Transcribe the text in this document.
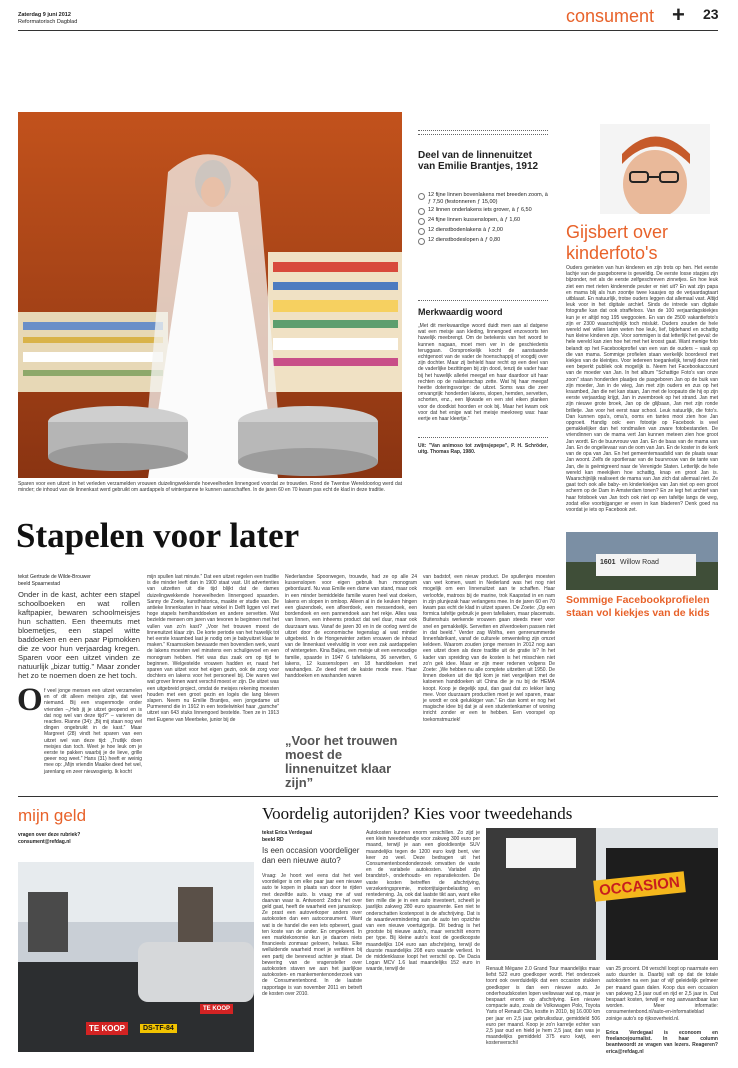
Zaterdag 9 juni 2012
Reformatorisch Dagblad	consument + 23
Sparen voor een uitzet: in het verleden verzamelden vrouwen duizelingwekkende hoeveelheden linnengoed voordat ze trouwden. Rond de Twentse Wereldoorlog werd dat minder; de inhoud van de linnenkast werd gebruikt om aardappels of winterpanne te kunnen aanschaffen. In de jaren 60 en 70 kwam pas echt de klad in deze traditie.
Deel van de linnenuitzet van Emilie Brantjes, 1912
12 fijne linnen bovenlakens met breeden zoom, à ƒ 7,50 (festonneren ƒ 15,00)
12 linnen onderlakens iets grover, à ƒ 6,50
24 fijne linnen kussenslopen, à ƒ 1,60
12 dienstbodenlakens à ƒ 2,00
12 dienstbodeslopen à ƒ 0,80
Merkwaardig woord
„Met dit merkwaardige woord duidt men aan al datgene wat een meisje aan kleding, linnengoed enzovoorts ten huwelijk meebrengt. Om de betekenis van het woord te kunnen nagaan, moet men ver in de geschiedenis teruggaan. Oorspronkelijk kocht de aanstaande echtgenoot van de vader de hoenschappij of voogdij over zijn dochter. Maar zij behield haar recht op een deel van de vaderlijke bezittingen bij zijn dood, tenzij de vader haar bij het huwelijk allerlei meegaf en haar daardoor uit haar rechten op de nalatenschap zette. Wat hij haar meegaf heette doteringsvorige: de uitzet. Soms was die zeer omvangrijk: honderden lakens, slopen, hemden, servetten, schorten, enz., een lijkwade en een stel eiken planken voor de doodkist hoorden er ook bij. Maar het kwam ook voor dat het enige wat het meisje meekreeg was: haar eertje en haar kleertje.”
Uit: "Van animoso tot zwijnsjepepe", P. H. Schröder, uitg. Thomas Rap, 1980.
Gijsbert over kinderfoto's
Ouders genieten van hun kinderen en zijn trots op hen. Het eerste lachje van de pasgeborene is geweldig. De eerste losse stapjes zijn bijzonder, net als de eerste zelfgeschreven zinnetjes. En hoe leuk ziet een met rieten kinderende peuter er niet uit? En wat zijn papa en mama blij als hun zoontje twee kaasjes op de verjaardagtaart uitblaast. En natuurlijk, trotse ouders leggen dat allemaal vast. Altijd leuk voor in het digitale archief. Sinds de intrede van digitale fotografie kan dat ook straffeloos. Van de 100 verjaardagskiekjes kun je er altijd nog 195 weggooien. En van de 2500 vakantiefoto's zijn er 2300 waarschijnlijk toch mislukt. Ouders zouden de hele wereld wel willen laten weten hoe leuk, lief, bijdehand en schattig hun kleine kinderen zijn. Voor sommigen is dat letterlijk het geval: de hele wereld kan zien hoe het met het kroost gaat. Want menige foto belandt op het Facebookprofiel van een van de ouders – vaak op die van mama. Sommige profielen staan werkelijk boordevol met kiekjes van de kleintjes. Voor iedereen toegankelijk, terwijl deze niet een beperkt publiek ook mogelijk is. Neem het Facebookaccount van de moeder van Jan. In het album "Schattige Foto's van onze zoon" staan honderden plaatjes de pasgeboren Jan op de buik van zijn moeder, Jan in de wieg, Jan met zijn ouders en zus op het kraambed, Jan die net kan staan, Jan met de loopauto die hij op zijn eerste verjaardag krijgt, Jan in zwembroek op het strand. Jan met zijn nieuwe grote broek, Jan op de glijbaan, Jan met zijn ronde brilletje. Jan voor het eerst naar school. Leuk natuurlijk, die foto's. Dan kunnen opa's, oma's, ooms en tantes mooi zien hoe Jan opgroeit. Handig ook: een fotootje op Facebook is veel gemakkelijker dan het rondmailen van zware fotobestanden. De vriendinnen van de mama vert Jan kunnen meteen zien hoe groot Jan wordt. En de buurvrouw van Jan. En de baas van de mama van Jan. En de ongelievaar van de oom van Jan. En de koster in de kerk van de opa van Jan. En het gemeentemaadslid van de plaats waar Jan woont. Zelfs de sportleraar van de buurvrouw van de tante van Jan, die is geëmigreerd naar de Verenigde Staten. Letterlijk de hele wereld kan meekijken hoe schattig, knap en groot Jan is. Waarschijnlijk realiseert de mama van Jan zich dat allemaal niet. Ze gaat toch ook alle baby- en kinderkiekjes van Jan niet op een groot scherm op de Dam in Amsterdam tonen? En ze legt het archief van haar fotoboek van Jan toch ook niet op een tafeltje langs de weg, zodat elke voorbijganger er even in kan bladeren? Denk goed na voordat je iets op Facebook zet.
1601 Willow Road
Sommige Facebookprofielen staan vol kiekjes van de kids
Stapelen voor later
tekst Gertrude de Wilde-Brouwer
beeld Spaarnestad
Onder in de kast, achter een stapel schoolboeken en wat rollen kaftpapier, bewaren schoolmeisjes hun schatten. Een theemuts met bloemetjes, een stapel witte baddoeken en een paar Pipmokken die ze voor hun verjaardag kregen. Sparen voor een uitzet vinden ze natuurlijk „bizar tuttig.” Maar zonder het zo te noemen doen ze het toch.
O f veel jonge mensen een uitzet verzamelen en of dit alleen meisjes zijn, dat weet niemand. Bij een vragenmodje onder vrienden –„Heb jij je uitzet geopend en is dat nog wel van deze tijd?” – varieren de reacties. Rianne (34): „Bij mij staan nog wel dingen ongebruikt in de kast.” Maar Margreet (28) vindt het sparen van een uitzet wel van deze tijd: „Trutlijk doen meisjes dan toch. Weet je hoe leuk om je eerste te pakken waarbij je de lieve, grille geeer nog weet.” Hans (31) heeft er weinig mee op: „Mijn vriendin Maaike deed het wel, jarenlang en zeer nieuwsgierig. Ik kocht
mijn spullen last minute.” Dat een uitzet regelen een traditie is die minder leeft dan in 1900 staat vast. Uit advertenties van uitzetten uit die tijd blijkt dat de dames duizelingwekkende hoeveelheden linnengoed spaarden. Sanny de Zoete, kunsthistorica, maakte er studie van. De antieke linnenkasten in haar winkel in Delft liggen vol met hoge stapels hemlhanddoeken en andere servetten. Wat bezielde mensen om jaren van tevoren te beginnen met het vullen van zo'n kast? „Voor het trouwen moest de linnenuitzet klaar zijn. De korte periode van het huwelijk tot het eerste kraambed laat je nodig om je babyuitzet klaar te maken.” Kraamsoken bewaarde men bovendien werk, want de lakens moesten wel minstens een schuilgevoel en een monogram hebben. Het was dus zaak om op tijd te beginnen. Welgestelde vrouwen hadden er, naast het sparen van uitzet voor het eigen gezin, ook de zorg voor dochters en lakens voor het personeel bij. Die waren wel wat grover linnen want verschil moest er zijn. De uitzet was een uitgebreid project, omdat de meisjes rekening moesten houden met een groot gezin en logés die lang bleven slapen. Neem nu Emilie Brantjes, een jongedame uit Purmerend die in 1912 in een textielwinkel haar „garnche” uitzet van 643 stuks linnengoed bestelde. Toen ze in 1913 met Eugene van Meerbeke, junior bij de
Nederlandse Spoorwegen, trouwde, had ze op alle 24 kussenslopen voor eigen gebruik hun monogram geborduurd. Nu was Emilie een dame van stand, maar ook in een minder bemiddelde familie waren heel wat doeken, lakens en slopen in omloop. Alleen al in de keuken hingen een glazendoek, een afloerdoek, een messendoek, een bordendoek en een pannendoek aan het rekje. Alles was van linnen, een inheems product dat wel duur, maar ook duurzaam was. Vanaf de jaren 30 en in de oorlog werd de uitzet door de economische tegenslag al wat minder uitgebreid. In de Hongerwinter zetten vrouwen de inhoud van de linnenkast veelvuldig in voor een zak aardappelen of wintergeten. Kina Baljeu, een meisje uit een eenvoudige familie, spaarde in 1947 6 tafellakens, 36 servetten, 6 lakens, 12 kussenslopen en 18 handdoeken met washandjes. Ze deed met de kaiste mode mee. Haar handdoeken en washanden waren
„Voor het trouwen moest de linnenuitzet klaar zijn”
van badstof, een nieuw product. De spullenjes moesten van wet komen, want in Nederland was het nog niet mogelijk om een linnenuitzet aan te schaffen. Haar verloofde, matroos bij de marine, trok Kaapstad in en nam in zijn plunjezak haar verlangens mee. In de jaren 60 en 70 kwam pas echt de klad in uitzet sparen. De Zoete: „Op een formica tafeltje gebruik je geen tafellaken, maar placemats. Buitenshuis werkende vrouwen gaan steeds meer voor snel en gemakkelijk. Servetten en zilverdoeken passen niet in dat beeld.” Verder zag Wolfra, een genrenummerde linnenfabrikant, vanaf de culturele omwenteling zijn omzet keldeen. Waarom zouden jonge mensen in 2012 nog aan een uitzet doen als deze traditie uit de gratie is? In het kader van spreiding van de kosten is het misschien niet zo'n gek idee. Maar er zijn meer redenen volgens De Zoete: „We hebben nu alle complete uitzetten uit 1950. De linnen doeken uit die tijd kom je niet vergelijken met de katoenen handdoeken uit China die je nu bij de HEMA koopt. Koop je degelijk spul, dan gaat dat zo lekker lang mee. Voor duurzaam productien moet je wel sparen, maar je wordt er ook gelukkiger van.” En dan komt er nog het magische idee bij dat je al een studentenkamer of woning inricht zonder er een te hebben. Een voorspel op toekomstmuziek!
mijn geld
vragen over deze rubriek?
consument@refdag.nl
TE KOOP
TE KOOP
DS-TF-84
Voordelig autorijden? Kies voor tweedehands
tekst Erica Verdegaal
beeld RD
Is een occasion voordeliger dan een nieuwe auto?
Vraag: Je hoort wel eens dat het wel voordeliger is om elke paar jaar een nieuwe auto te kopen in plaats van door te rijden met dezelfde auto. Is vraag me af wat daarvan waar is. Antwoord: Zodra het over geld gaat, heeft de waarheid een janusskop. Ze prast een autoverkoper anders over autokosten dan een autoconsument. Want wat is de handel die een iets opbevert, gaat ten koste van de ander. En omgekeerd. In een marktekonomie kun je daarom niets financieels zonmaar geloven, helaas. Elke welluidende waarheid moet je verifiëren bij een partij die bevreesd achter je staat. De bewering van de vragensteller over autokosten staven we aan het jaarlijkse autokosten- en mankementenonderzoek van de Consumentenbond. In de laatste rapportage is van november 2011 en betreft de kosten over 2010.
Autokosten kunnen enorm verschillen. Zo zijd je een klein tweedehandje voor zakweg 300 euro per maand, terwijl je aan een glooldiesntje SUV maandelijks tegen de 1200 euro kwijt bent, vier keer zo veel. Deze bedragen uit het Consumentenbondonderzoek omvatten de vaste en de variabele autokosten. Variabel zijn brandstof-, onderhouds- en reparatiekosten. De vaste kosten betreffen de afschrijving, verzekeringspremie, motorrijtuigenbelasting en rentederving. Ja, ook dat laatste tikt aan, want elke tien mille die je in een auto investeert, scheelt je jaarlijks zakweg 280 euro spaarrente. Een niet te onderschatten kostenpost is de afschrijving. Dat is de waardevermindering van de auto ten opzichte van een nieuwe voertuigprijs. Dit bedrag is het grootste bij nieuwe auto's, maar verschilt enorm per type. Bij kleine auto's kost de goedkoopste maandelijks 104 euro aan afschrijving, terwijl de duurste maandelijks 208 euro waarde verliest. In de middenklasse loopt het verschil op. De Dacia Logan MCV 1.6 laat maandelijks 152 euro in waarde, terwijl de
OCCASION
Renault Mégane 2.0 Grand Tour maandelijks maar liefst 522 euro goedkoper wordt. Het onderzoek toont ook overduidelijk dat een occasion stukken goedkoper is dan een nieuwe auto. Je onderhoudskosten lopen weliswaar wat op, maar je bespaart enorm op afschrijving. Een nieuwe compacte auto, zoals de Volkswagen Polo, Toyota Yaris of Renault Clio, kostte in 2010, bij 16.000 km per jaar en 2,5 jaar gebruiksduur, gemiddeld 506 euro per maand. Koop je zo'n karretje echter van 2,5 jaar oud en hield je hem 2,5 jaar, dan was je maandelijks gemiddeld 375 euro kwijt, een kostenverschil
van 25 procent. Dit verschil loopt op naarmate een auto duurder is. Daarbij valt op dat de totale autokosten na een jaar of vijf geleidelijk gelmeer per maand gaan dalen. Koop dus een occasion van pakweg 2,5 jaar oud en rijd er 2,5 jaar in. Dat bespaart kosten, terwijl er nog aanvaardbaar kan worden. Meer informatie: consumentenbond.nl/auto-en-informatieblad zoinige auto's op rijksoverheid.nl.
Erica Verdegaal is econoom en freelancejournalist. In haar column beantwoordt ze vragen van lezers. Reageren? erica@refdag.nl
